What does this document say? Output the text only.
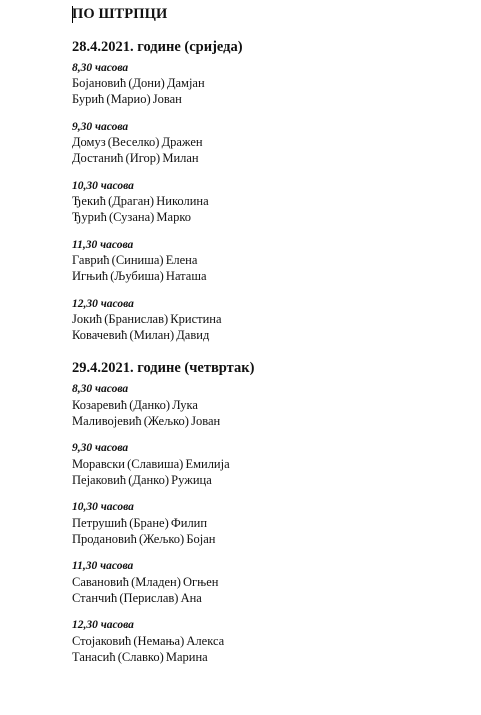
ПО ШТРПЦИ
28.4.2021. године (сриједа)
8,30 часова
Бојановић (Дони) Дамјан
Бурић (Марио) Јован
9,30 часова
Домуз (Веселко) Дражен
Достанић (Игор) Милан
10,30 часова
Ђекић (Драган) Николина
Ђурић (Сузана) Марко
11,30 часова
Гаврић (Синиша) Елена
Игњић (Љубиша) Наташа
12,30 часова
Јокић (Бранислав) Кристина
Ковачевић (Милан) Давид
29.4.2021. године (четвртак)
8,30 часова
Козаревић (Данко) Лука
Маливојевић (Жељко) Јован
9,30 часова
Моравски (Славиша) Емилија
Пејаковић (Данко) Ружица
10,30 часова
Петрушић (Бране) Филип
Продановић (Жељко) Бојан
11,30 часова
Савановић (Младен) Огњен
Станчић (Перислав) Ана
12,30 часова
Стојаковић (Немања) Алекса
Танасић (Славко) Марина
